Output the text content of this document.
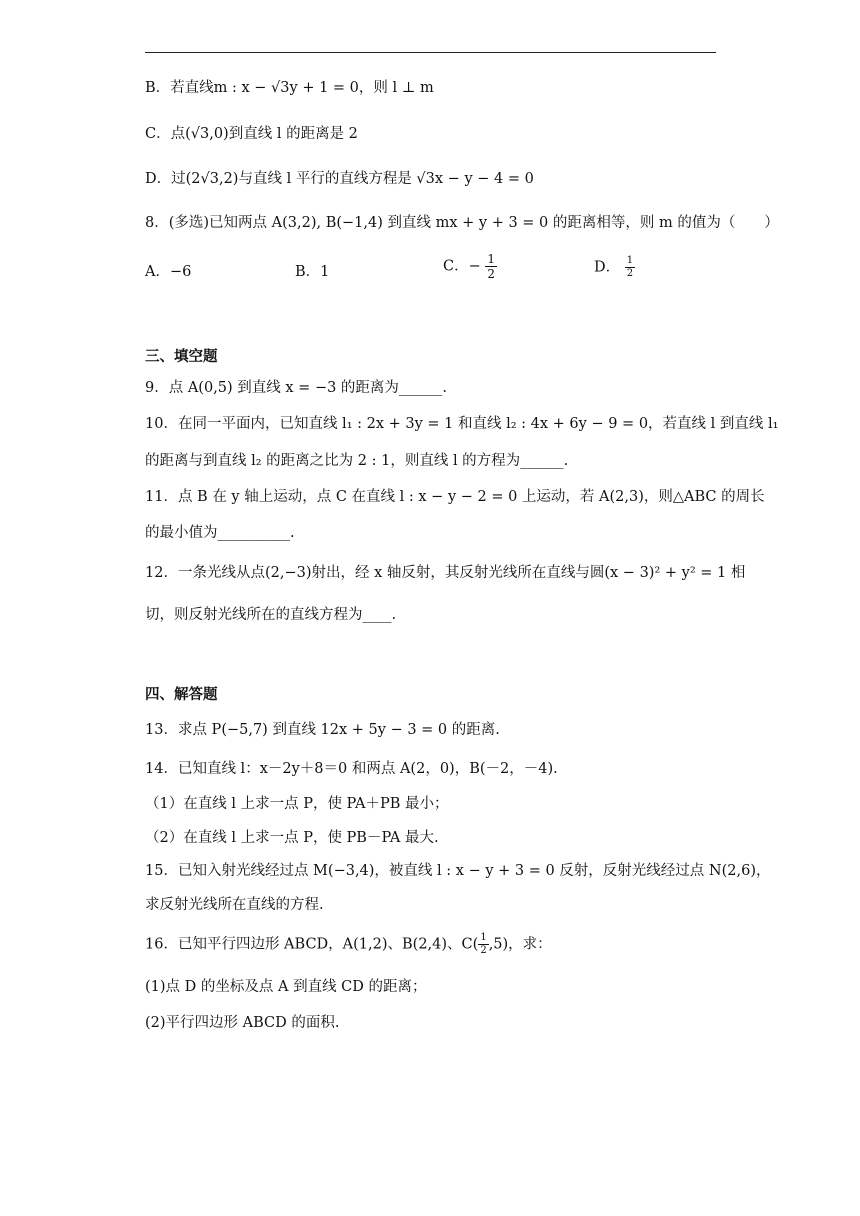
B．若直线m : x − √3y + 1 = 0，则 l ⊥ m
C．点(√3,0)到直线 l 的距离是 2
D．过(2√3,2)与直线 l 平行的直线方程是 √3x − y − 4 = 0
8．(多选)已知两点 A(3,2), B(−1,4) 到直线 mx + y + 3 = 0 的距离相等，则 m 的值为（　　）
A．−6	B．1	C．− $\frac{1}{2}$	D． $\frac{1}{2}$
三、填空题
9．点 A(0,5) 到直线 x = −3 的距离为______.
10．在同一平面内，已知直线 l₁ : 2x + 3y = 1 和直线 l₂ : 4x + 6y − 9 = 0，若直线 l 到直线 l₁
的距离与到直线 l₂ 的距离之比为 2 : 1，则直线 l 的方程为______.
11．点 B 在 y 轴上运动，点 C 在直线 l : x − y − 2 = 0 上运动，若 A(2,3)，则△ABC 的周长
的最小值为__________.
12．一条光线从点(2,−3)射出，经 x 轴反射，其反射光线所在直线与圆(x − 3)² + y² = 1 相
切，则反射光线所在的直线方程为____.
四、解答题
13．求点 P(−5,7) 到直线 12x + 5y − 3 = 0 的距离.
14．已知直线 l：x－2y＋8＝0 和两点 A(2，0)，B(－2，－4).
（1）在直线 l 上求一点 P，使 PA＋PB 最小；
（2）在直线 l 上求一点 P，使 PB－PA 最大.
15．已知入射光线经过点 M(−3,4)，被直线 l : x − y + 3 = 0 反射，反射光线经过点 N(2,6)，
求反射光线所在直线的方程.
16．已知平行四边形 ABCD，A(1,2)、B(2,4)、$C( \frac{1}{2} ,5)$，求：
(1)点 D 的坐标及点 A 到直线 CD 的距离；
(2)平行四边形 ABCD 的面积.
